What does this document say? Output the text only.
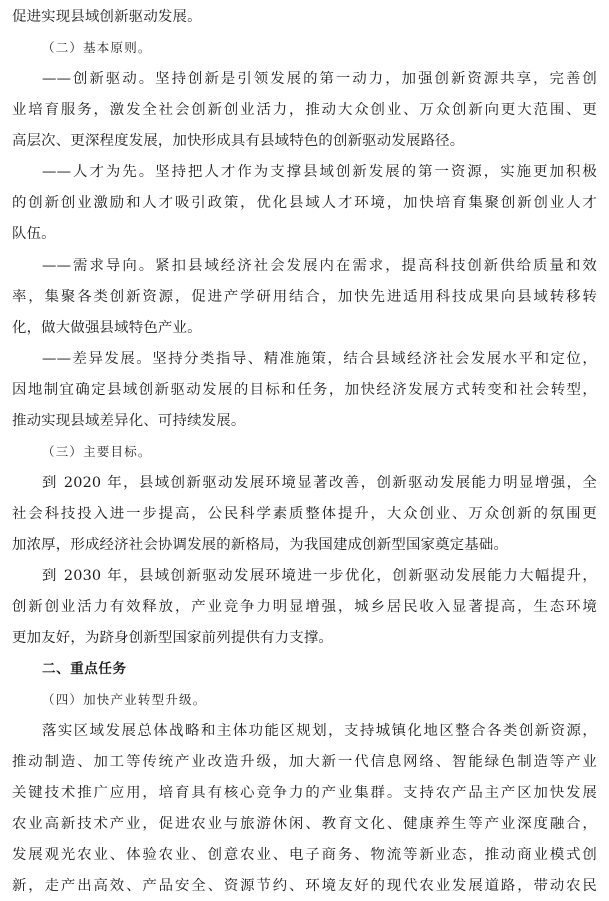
促进实现县域创新驱动发展。
（二）基本原则。
——创新驱动。坚持创新是引领发展的第一动力，加强创新资源共享，完善创
业培育服务，激发全社会创新创业活力，推动大众创业、万众创新向更大范围、更
高层次、更深程度发展，加快形成具有县域特色的创新驱动发展路径。
——人才为先。坚持把人才作为支撑县域创新发展的第一资源，实施更加积极
的创新创业激励和人才吸引政策，优化县域人才环境，加快培育集聚创新创业人才
队伍。
——需求导向。紧扣县域经济社会发展内在需求，提高科技创新供给质量和效
率，集聚各类创新资源，促进产学研用结合，加快先进适用科技成果向县域转移转
化，做大做强县域特色产业。
——差异发展。坚持分类指导、精准施策，结合县域经济社会发展水平和定位，
因地制宜确定县域创新驱动发展的目标和任务，加快经济发展方式转变和社会转型，
推动实现县域差异化、可持续发展。
（三）主要目标。
到 2020 年，县域创新驱动发展环境显著改善，创新驱动发展能力明显增强，全
社会科技投入进一步提高，公民科学素质整体提升，大众创业、万众创新的氛围更
加浓厚，形成经济社会协调发展的新格局，为我国建成创新型国家奠定基础。
到 2030 年，县域创新驱动发展环境进一步优化，创新驱动发展能力大幅提升，
创新创业活力有效释放，产业竞争力明显增强，城乡居民收入显著提高，生态环境
更加友好，为跻身创新型国家前列提供有力支撑。
二、重点任务
（四）加快产业转型升级。
落实区域发展总体战略和主体功能区规划，支持城镇化地区整合各类创新资源，
推动制造、加工等传统产业改造升级，加大新一代信息网络、智能绿色制造等产业
关键技术推广应用，培育具有核心竞争力的产业集群。支持农产品主产区加快发展
农业高新技术产业，促进农业与旅游休闲、教育文化、健康养生等产业深度融合，
发展观光农业、体验农业、创意农业、电子商务、物流等新业态，推动商业模式创
新，走产出高效、产品安全、资源节约、环境友好的现代农业发展道路，带动农民
